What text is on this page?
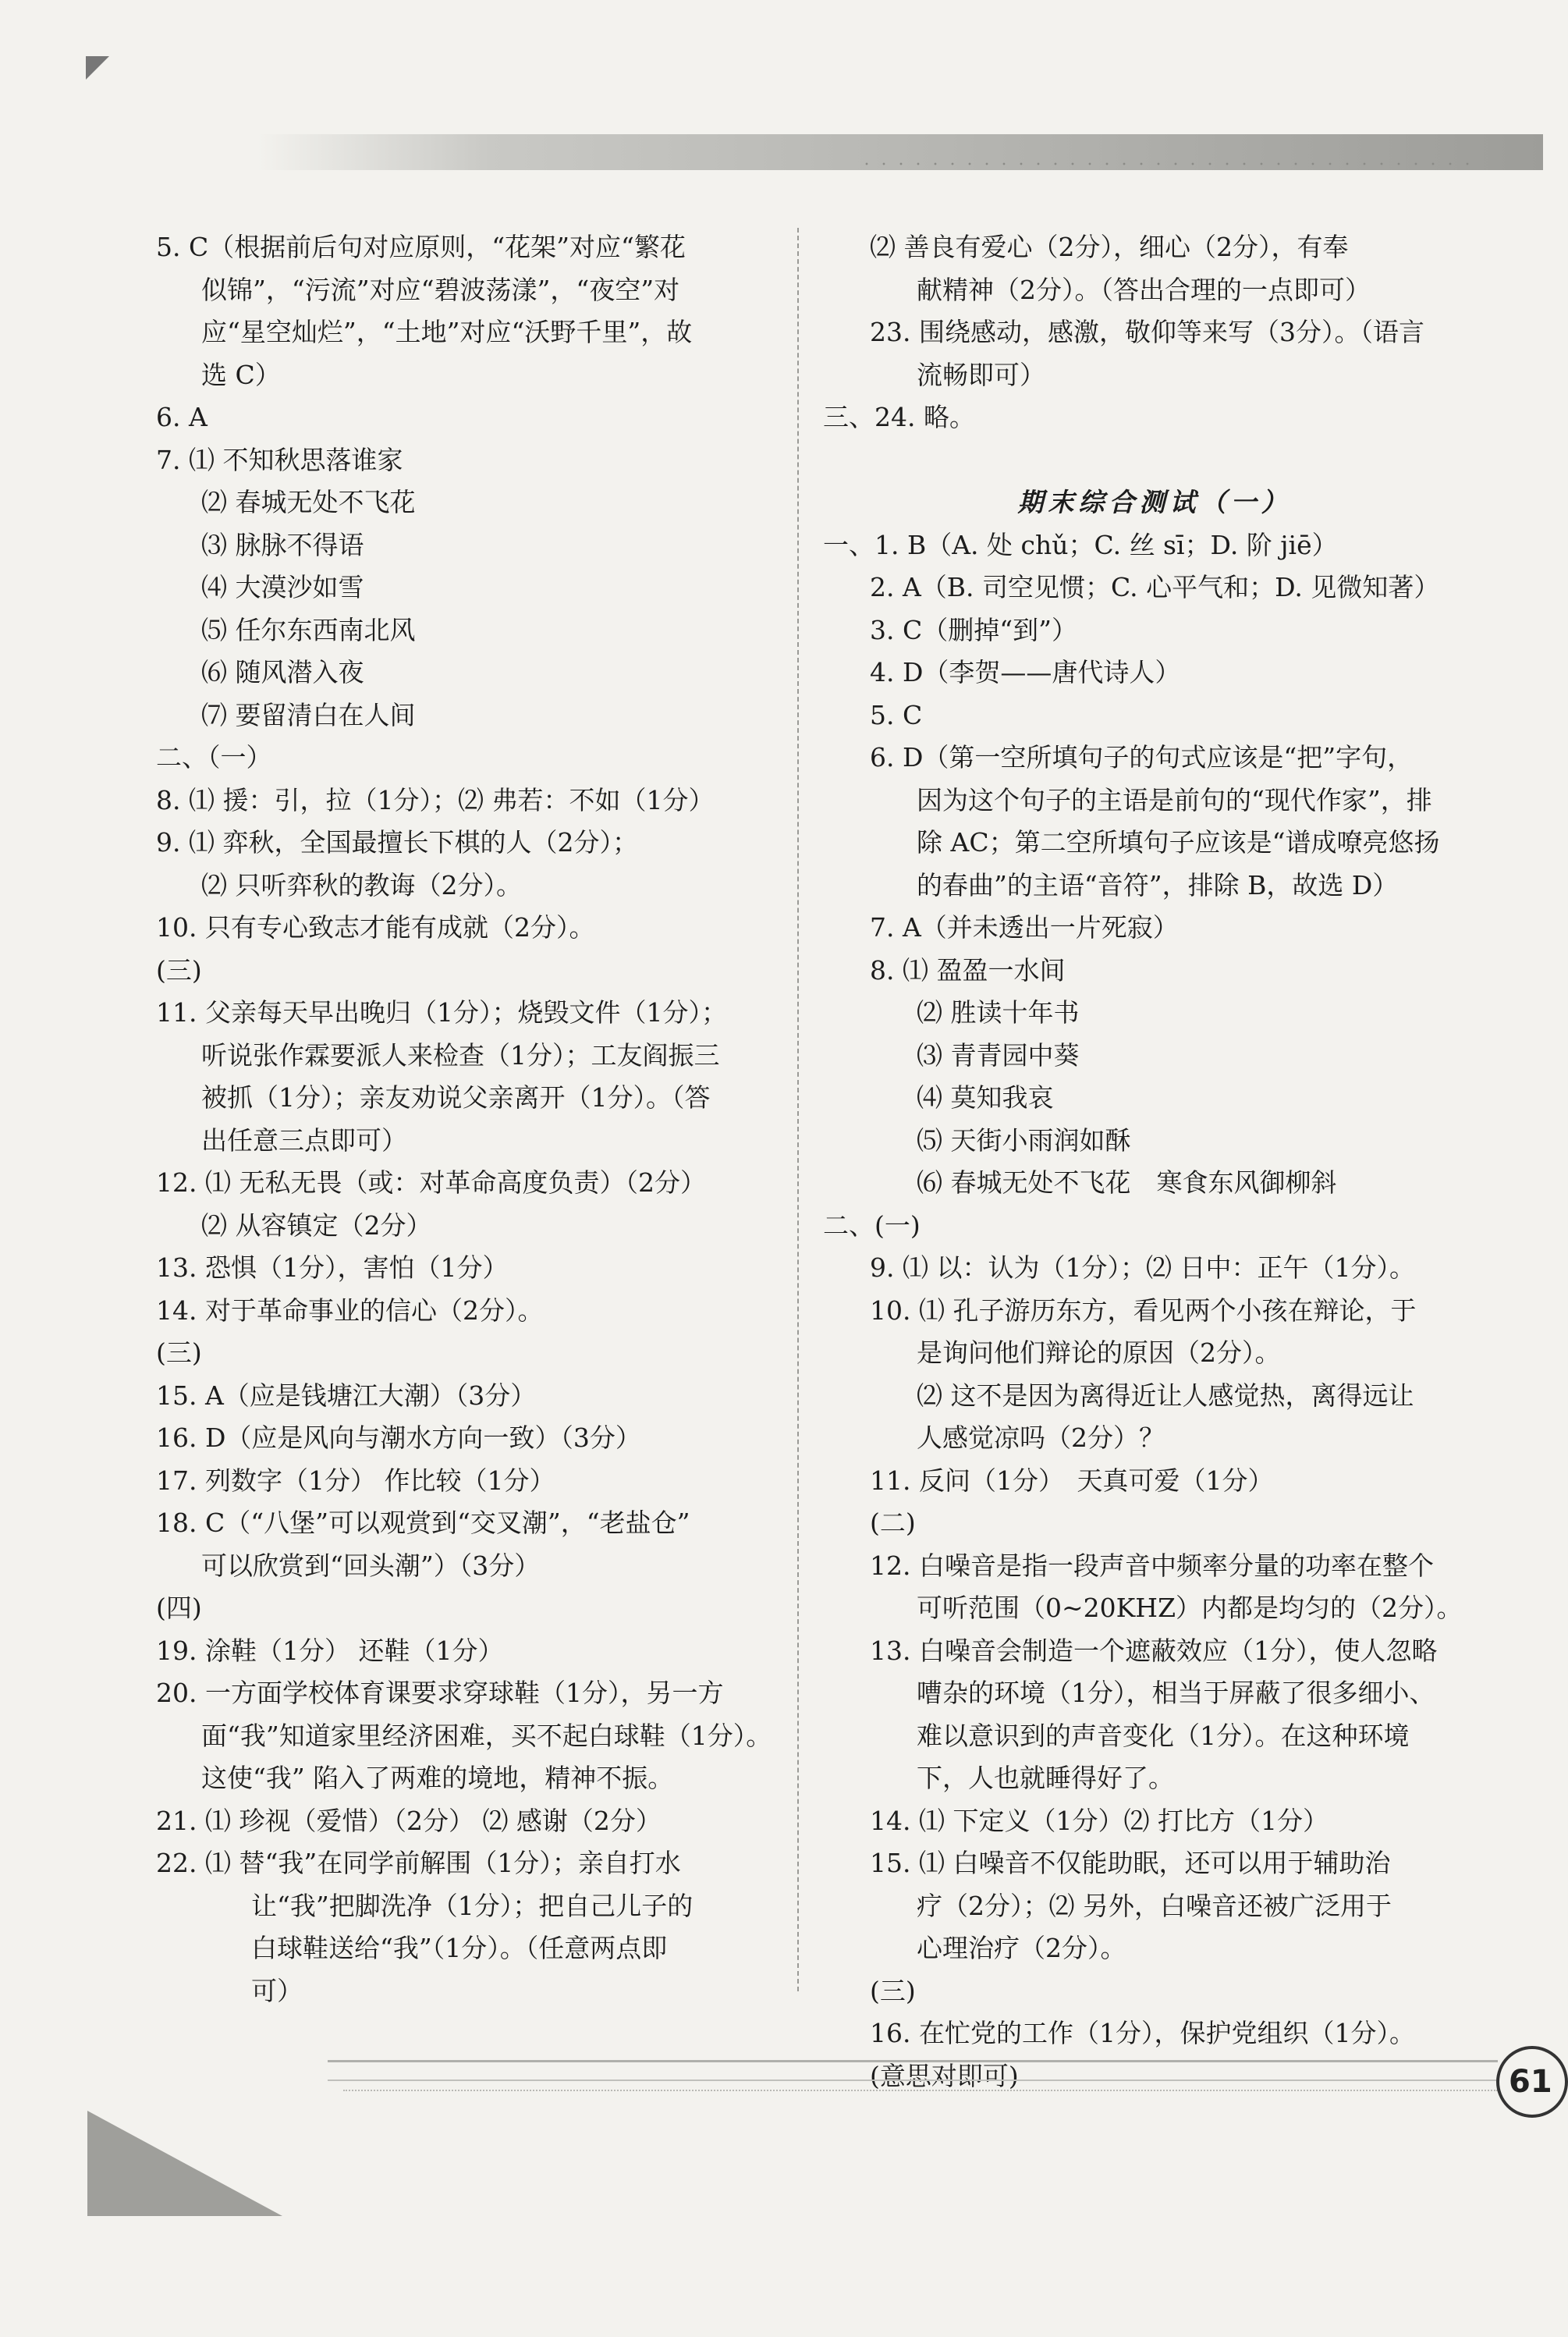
5. C（根据前后句对应原则，“花架”对应“繁花
似锦”，“污流”对应“碧波荡漾”，“夜空”对
应“星空灿烂”，“土地”对应“沃野千里”，故
选 C）
6. A
7. ⑴ 不知秋思落谁家
⑵ 春城无处不飞花
⑶ 脉脉不得语
⑷ 大漠沙如雪
⑸ 任尔东西南北风
⑹ 随风潜入夜
⑺ 要留清白在人间
二、（一）
8. ⑴ 援：引，拉（1分）；⑵ 弗若：不如（1分）
9. ⑴ 弈秋，全国最擅长下棋的人（2分）；
⑵ 只听弈秋的教诲（2分）。
10. 只有专心致志才能有成就（2分）。
(三)
11. 父亲每天早出晚归（1分）；烧毁文件（1分）；
听说张作霖要派人来检查（1分）；工友阎振三
被抓（1分）；亲友劝说父亲离开（1分）。（答
出任意三点即可）
12. ⑴ 无私无畏（或：对革命高度负责）（2分）
⑵ 从容镇定（2分）
13. 恐惧（1分），害怕（1分）
14. 对于革命事业的信心（2分）。
(三)
15. A（应是钱塘江大潮）（3分）
16. D（应是风向与潮水方向一致）（3分）
17. 列数字（1分） 作比较（1分）
18. C（“八堡”可以观赏到“交叉潮”，“老盐仓”
可以欣赏到“回头潮”）（3分）
(四)
19. 涂鞋（1分） 还鞋（1分）
20. 一方面学校体育课要求穿球鞋（1分），另一方
面“我”知道家里经济困难，买不起白球鞋（1分）。
这使“我” 陷入了两难的境地，精神不振。
21. ⑴ 珍视（爱惜）（2分） ⑵ 感谢（2分）
22. ⑴ 替“我”在同学前解围（1分）；亲自打水
让“我”把脚洗净（1分）；把自己儿子的
白球鞋送给“我”（1分）。（任意两点即
可）
⑵ 善良有爱心（2分），细心（2分），有奉
献精神（2分）。（答出合理的一点即可）
23. 围绕感动，感激，敬仰等来写（3分）。（语言
流畅即可）
三、24. 略。

期末综合测试（一）
一、1. B（A. 处 chǔ；C. 丝 sī；D. 阶 jiē）
2. A（B. 司空见惯；C. 心平气和；D. 见微知著）
3. C（删掉“到”）
4. D（李贺——唐代诗人）
5. C
6. D（第一空所填句子的句式应该是“把”字句，
因为这个句子的主语是前句的“现代作家”，排
除 AC；第二空所填句子应该是“谱成嘹亮悠扬
的春曲”的主语“音符”，排除 B，故选 D）
7. A（并未透出一片死寂）
8. ⑴ 盈盈一水间
⑵ 胜读十年书
⑶ 青青园中葵
⑷ 莫知我哀
⑸ 天街小雨润如酥
⑹ 春城无处不飞花　寒食东风御柳斜
二、(一)
9. ⑴ 以：认为（1分）；⑵ 日中：正午（1分）。
10. ⑴ 孔子游历东方，看见两个小孩在辩论，于
是询问他们辩论的原因（2分）。
⑵ 这不是因为离得近让人感觉热，离得远让
人感觉凉吗（2分）？
11. 反问（1分）　天真可爱（1分）
(二)
12. 白噪音是指一段声音中频率分量的功率在整个
可听范围（0~20KHZ）内都是均匀的（2分）。
13. 白噪音会制造一个遮蔽效应（1分），使人忽略
嘈杂的环境（1分），相当于屏蔽了很多细小、
难以意识到的声音变化（1分）。在这种环境
下，人也就睡得好了。
14. ⑴ 下定义（1分）⑵ 打比方（1分）
15. ⑴ 白噪音不仅能助眠，还可以用于辅助治
疗（2分）；⑵ 另外，白噪音还被广泛用于
心理治疗（2分）。
(三)
16. 在忙党的工作（1分），保护党组织（1分）。
(意思对即可)	61
